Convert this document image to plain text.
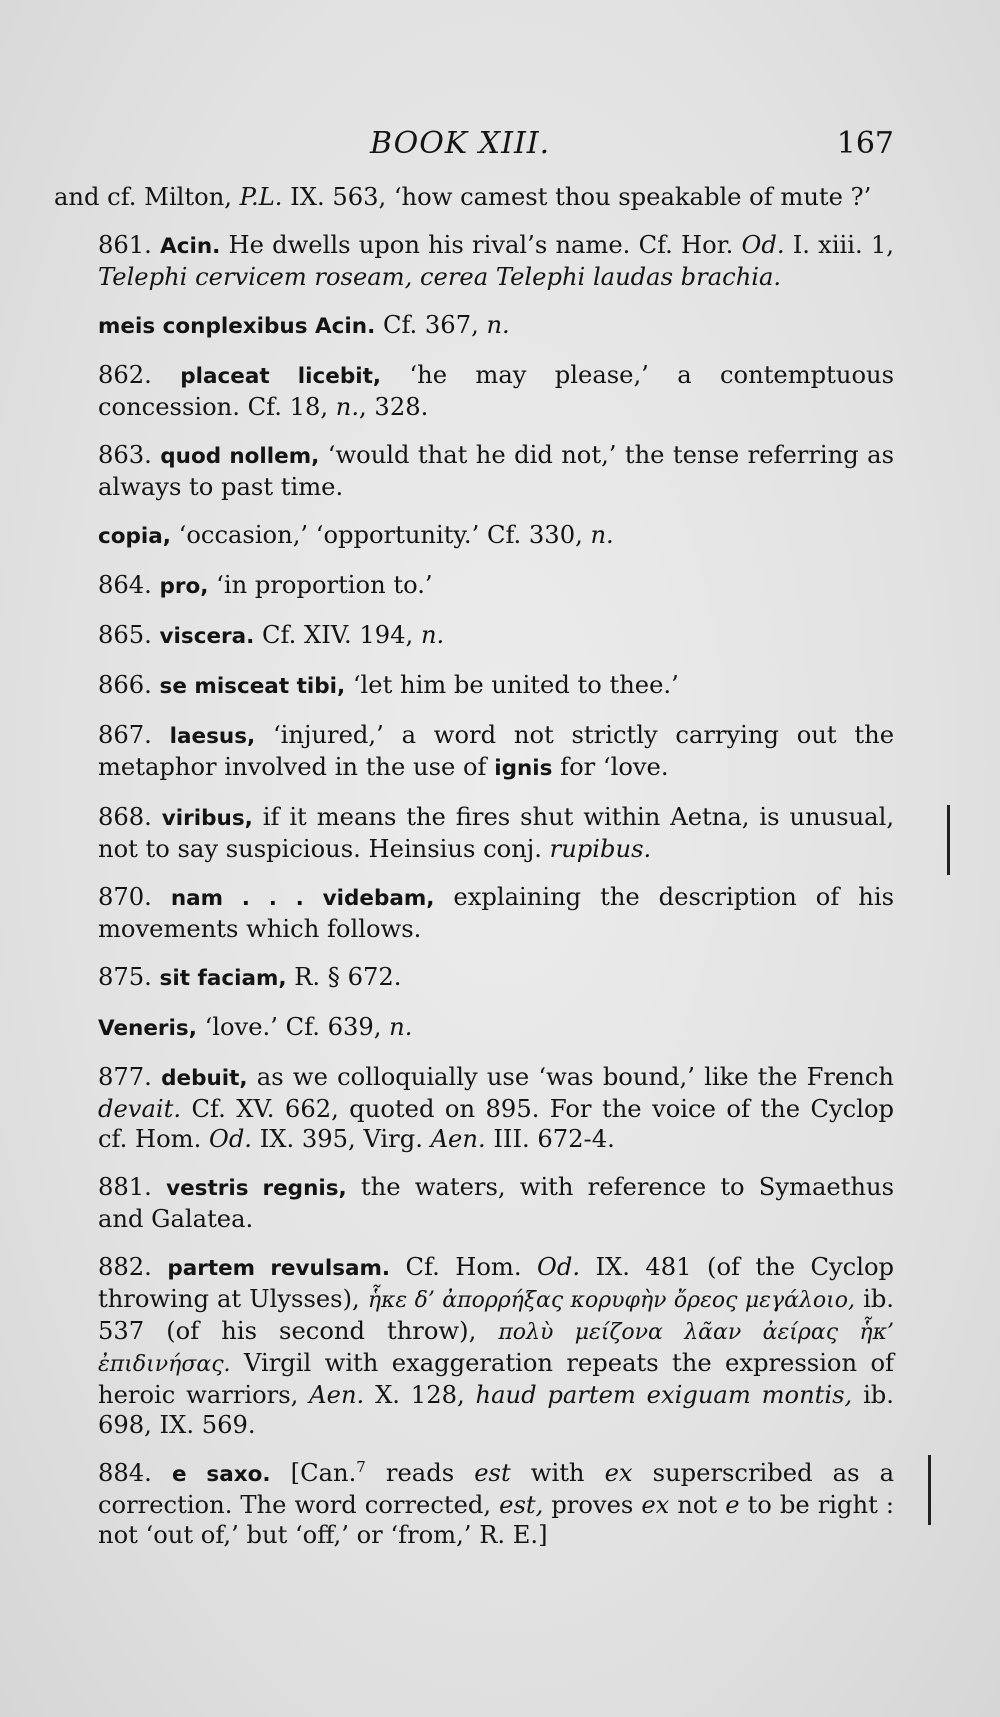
BOOK XIII.	167

and cf. Milton, P.L. IX. 563, ‘how camest thou speakable of mute ?’

861. Acin. He dwells upon his rival’s name. Cf. Hor. Od. I. xiii. 1, Telephi cervicem roseam, cerea Telephi laudas brachia.

meis conplexibus Acin. Cf. 367, n.

862. placeat licebit, ‘he may please,’ a contemptuous concession. Cf. 18, n., 328.

863. quod nollem, ‘would that he did not,’ the tense referring as always to past time.

copia, ‘occasion,’ ‘opportunity.’ Cf. 330, n.

864. pro, ‘in proportion to.’

865. viscera. Cf. XIV. 194, n.

866. se misceat tibi, ‘let him be united to thee.’

867. laesus, ‘injured,’ a word not strictly carrying out the metaphor involved in the use of ignis for ‘love.

868. viribus, if it means the fires shut within Aetna, is unusual, not to say suspicious. Heinsius conj. rupibus.

870. nam . . . videbam, explaining the description of his movements which follows.

875. sit faciam, R. § 672.

Veneris, ‘love.’ Cf. 639, n.

877. debuit, as we colloquially use ‘was bound,’ like the French devait. Cf. XV. 662, quoted on 895. For the voice of the Cyclop cf. Hom. Od. IX. 395, Virg. Aen. III. 672-4.

881. vestris regnis, the waters, with reference to Symaethus and Galatea.

882. partem revulsam. Cf. Hom. Od. IX. 481 (of the Cyclop throwing at Ulysses), ἧκε δ’ ἀπορρήξας κορυφὴν ὄρεος μεγάλοιο, ib. 537 (of his second throw), πολὺ μείζονα λᾶαν ἀείρας ἧκ’ ἐπιδινήσας. Virgil with exaggeration repeats the expression of heroic warriors, Aen. X. 128, haud partem exiguam montis, ib. 698, IX. 569.

884. e saxo. [Can.$^7$ reads est with ex superscribed as a correction. The word corrected, est, proves ex not e to be right : not ‘out of,’ but ‘off,’ or ‘from,’ R. E.]
